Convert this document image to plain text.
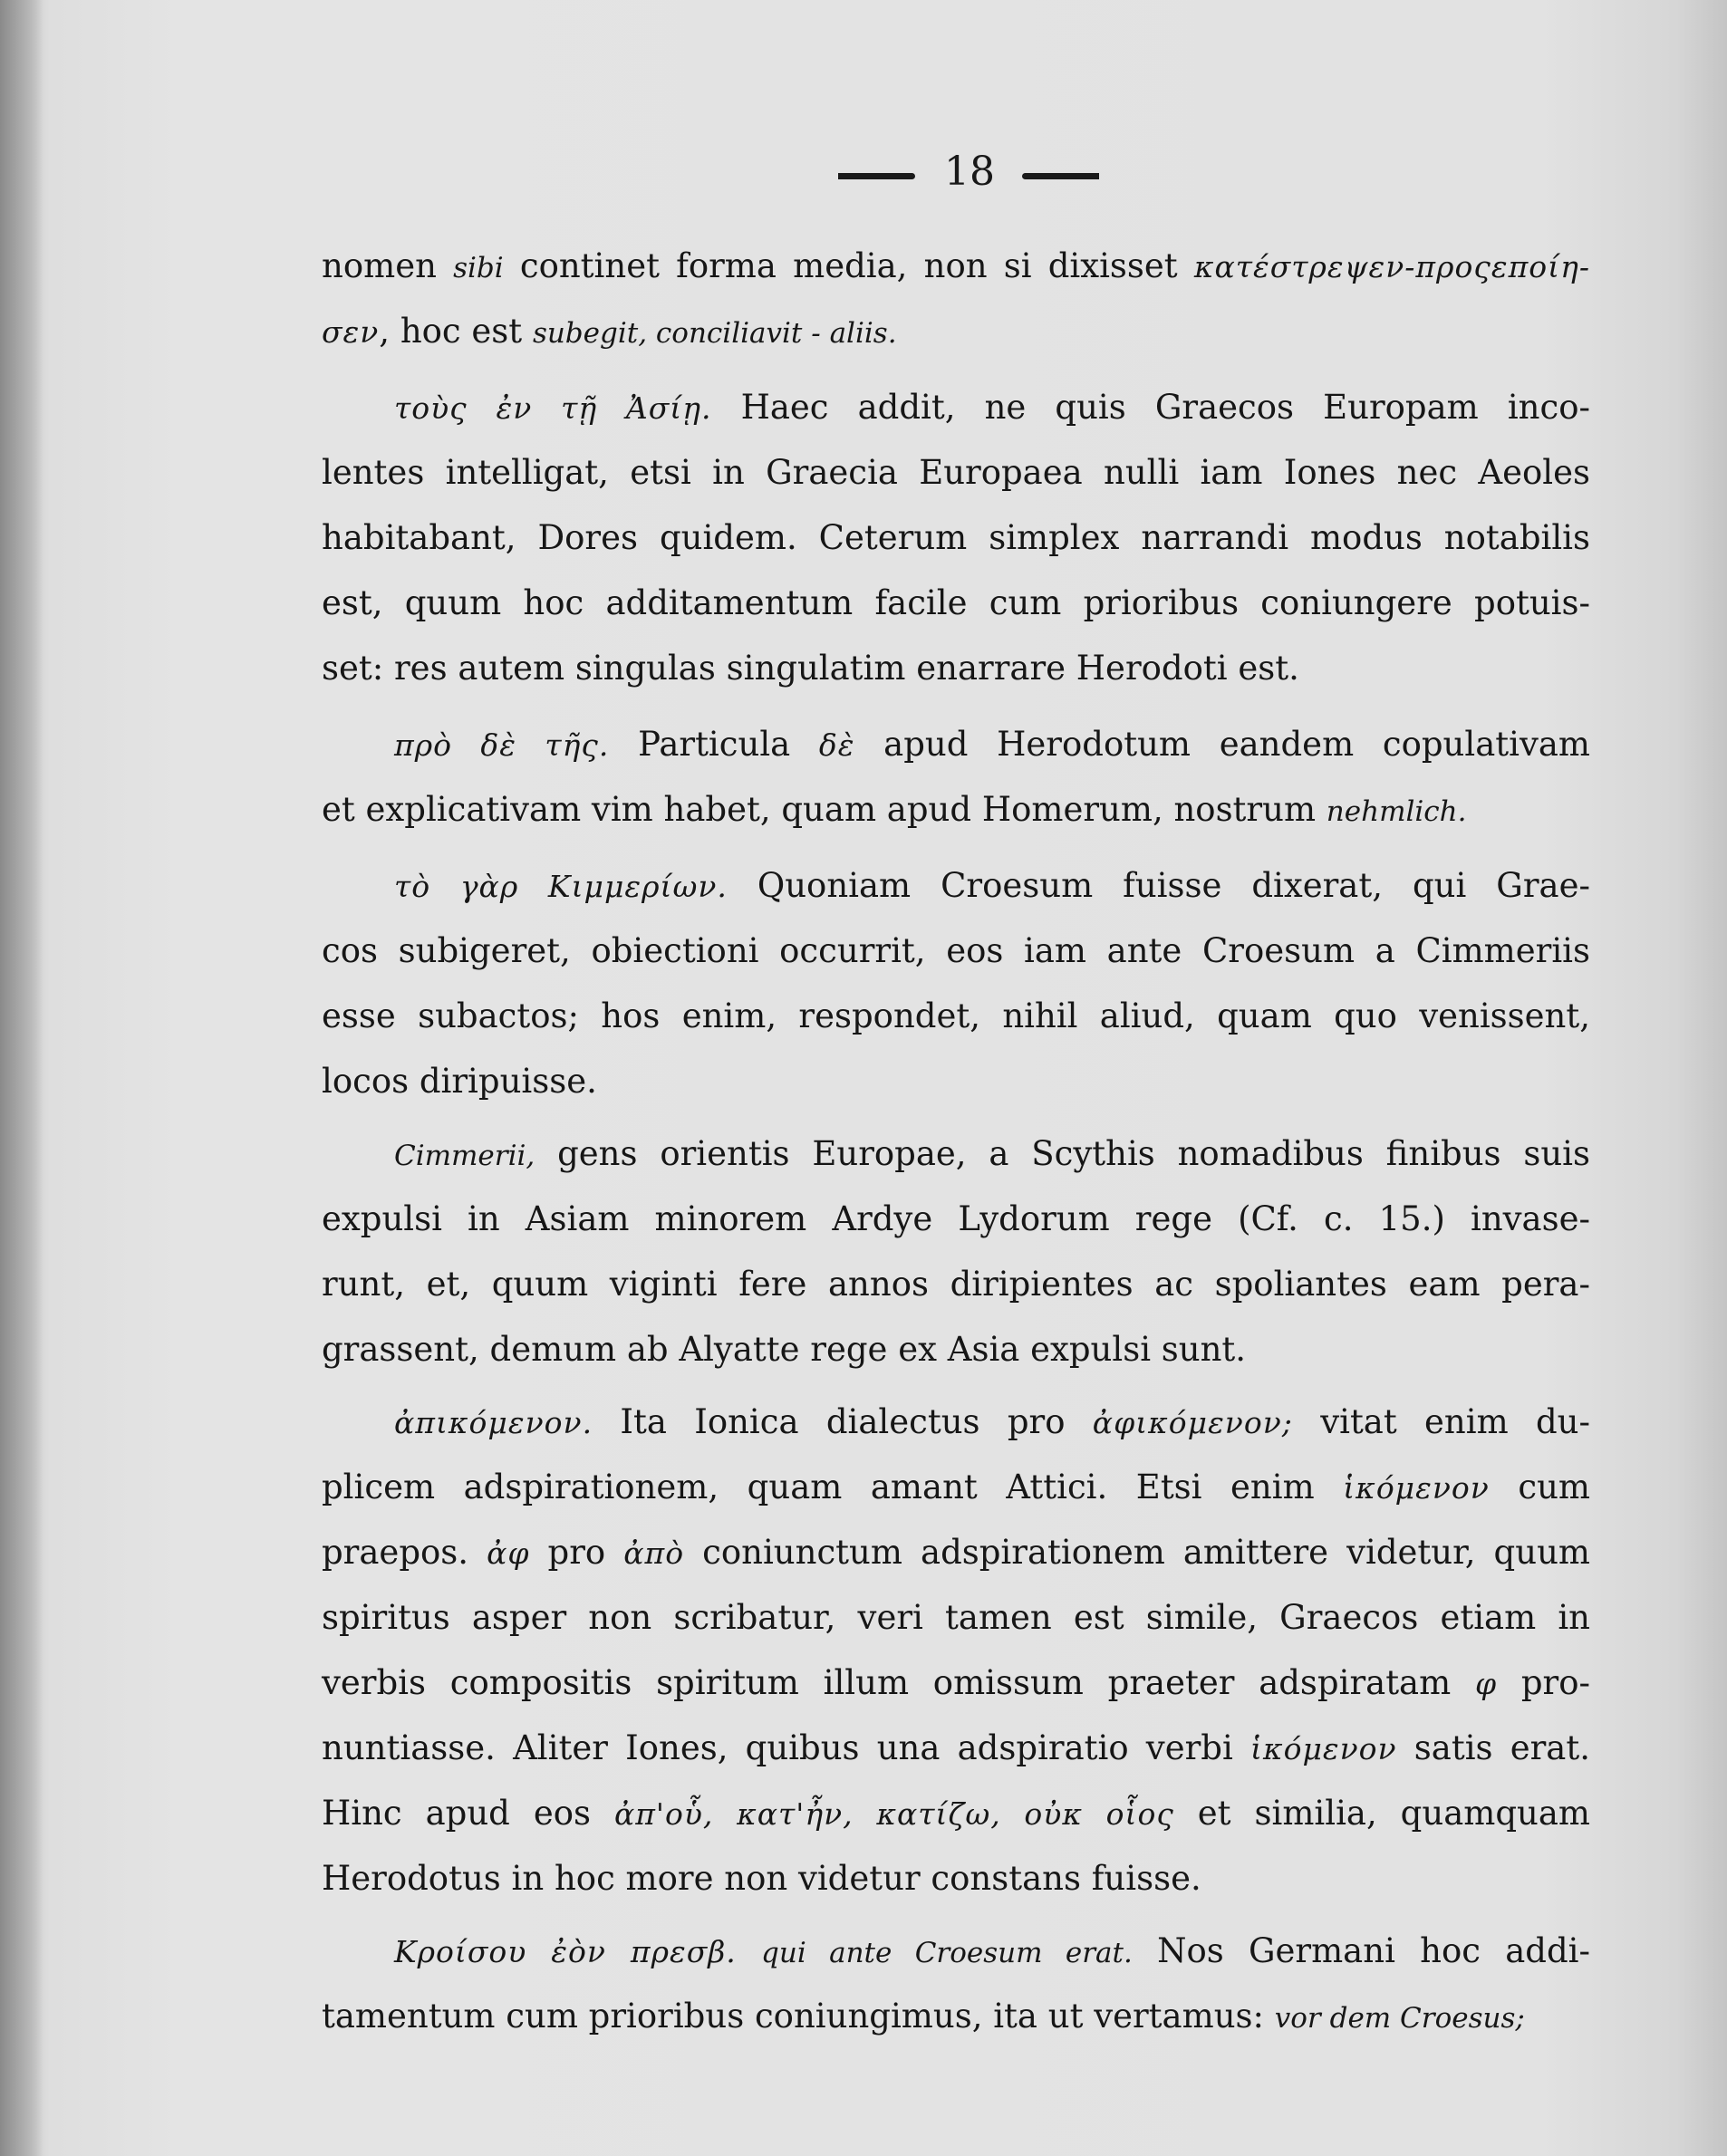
18
nomen sibi continet forma media, non si dixisset κατέστρεψεν-προςεποίη-
σεν, hoc est subegit, conciliavit - aliis.
τοὺς ἐν τῇ Ἀσίῃ. Haec addit, ne quis Graecos Europam inco-
lentes intelligat, etsi in Graecia Europaea nulli iam Iones nec Aeoles
habitabant, Dores quidem. Ceterum simplex narrandi modus notabilis
est, quum hoc additamentum facile cum prioribus coniungere potuis-
set: res autem singulas singulatim enarrare Herodoti est.
πρὸ δὲ τῆς. Particula δὲ apud Herodotum eandem copulativam
et explicativam vim habet, quam apud Homerum, nostrum nehmlich.
τὸ γὰρ Κιμμερίων. Quoniam Croesum fuisse dixerat, qui Grae-
cos subigeret, obiectioni occurrit, eos iam ante Croesum a Cimmeriis
esse subactos; hos enim, respondet, nihil aliud, quam quo venissent,
locos diripuisse.
Cimmerii, gens orientis Europae, a Scythis nomadibus finibus suis
expulsi in Asiam minorem Ardye Lydorum rege (Cf. c. 15.) invase-
runt, et, quum viginti fere annos diripientes ac spoliantes eam pera-
grassent, demum ab Alyatte rege ex Asia expulsi sunt.
ἀπικόμενον. Ita Ionica dialectus pro ἀφικόμενον; vitat enim du-
plicem adspirationem, quam amant Attici. Etsi enim ἱκόμενον cum
praepos. ἀφ pro ἀπὸ coniunctum adspirationem amittere videtur, quum
spiritus asper non scribatur, veri tamen est simile, Graecos etiam in
verbis compositis spiritum illum omissum praeter adspiratam φ pro-
nuntiasse. Aliter Iones, quibus una adspiratio verbi ἱκόμενον satis erat.
Hinc apud eos ἀπ'οὗ, κατ'ἦν, κατίζω, οὐκ οἷος et similia, quamquam
Herodotus in hoc more non videtur constans fuisse.
Κροίσου ἐὸν πρεσβ. qui ante Croesum erat. Nos Germani hoc addi-
tamentum cum prioribus coniungimus, ita ut vertamus: vor dem Croesus;
